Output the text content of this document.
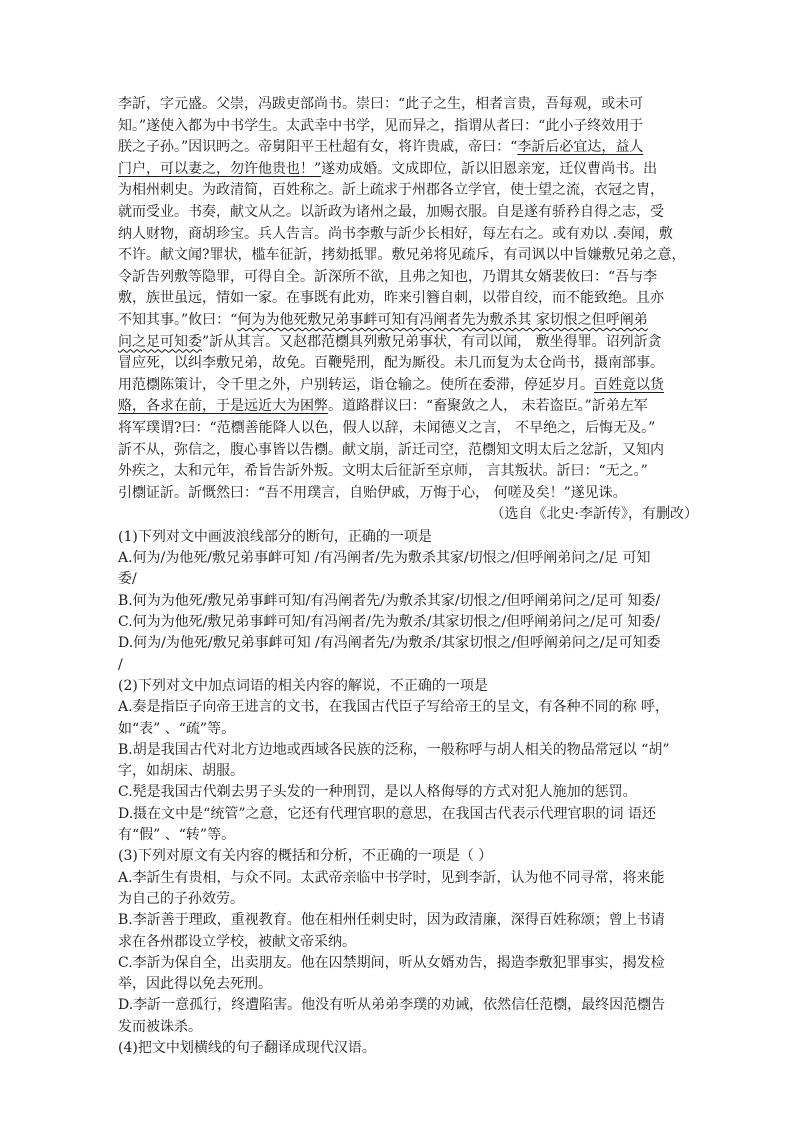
李訢，字元盛。父崇，冯跋吏部尚书。崇曰：“此子之生，相者言贵，吾每观，或未可

知。”遂使入都为中书学生。太武幸中书学，见而异之，指谓从者曰：“此小子终效用于

朕之子孙。”因识眄之。帝舅阳平王杜超有女，将许贵戚，帝曰：“李訢后必宜达，益人

门户，可以妻之，勿许他贵也！”遂劝成婚。文成即位，訢以旧恩亲宠，迁仪曹尚书。出

为相州刺史。为政清简，百姓称之。訢上疏求于州郡各立学官，使士望之流，衣冠之胄，

就而受业。书奏，献文从之。以訢政为诸州之最，加赐衣服。自是遂有骄矜自得之志，受

纳人财物，商胡珍宝。兵人告言。尚书李敷与訢少长相好，每左右之。或有劝以 .奏闻，敷

不许。献文闻?罪状，槛车征訢，拷劾抵罪。敷兄弟将见疏斥，有司讽以中旨嫌敷兄弟之意，

令訢告列敷等隐罪，可得自全。訢深所不欲，且弗之知也，乃谓其女婿裴攸曰：“吾与李

敷，族世虽远，情如一家。在事既有此劝，昨来引簪自刺，以带自绞，而不能致绝。且亦

不知其事。”攸曰：“何为为他死敷兄弟事衅可知有冯阐者先为敷杀其 家切恨之但呼阐弟

问之足可知委”訢从其言。又赵郡范檦具列敷兄弟事状，有司以闻， 敷坐得罪。诏列訢贪

冒应死，以纠李敷兄弟，故免。百鞭髡刑，配为厮役。未几而复为太仓尚书，摄南部事。

用范檦陈策计，令千里之外，户别转运，诣仓输之。使所在委滞，停延岁月。百姓竟以货

赂，各求在前，于是远近大为困弊。道路群议曰：“畜聚敛之人， 未若盗臣。”訢弟左军

将军璞谓?曰：“范檦善能降人以色，假人以辞，未闻德义之言， 不早绝之，后悔无及。”

訢不从，弥信之，腹心事皆以告檦。献文崩，訢迁司空，范檦知文明太后之忿訢，又知内

外疾之，太和元年，希旨告訢外叛。文明太后征訢至京师， 言其叛状。訢曰：“无之。”

引檦证訢。訢慨然曰：“吾不用璞言，自贻伊戚，万悔于心， 何嗟及矣！”遂见诛。

（选自《北史·李訢传》，有删改）

(1)下列对文中画波浪线部分的断句，正确的一项是

A.何为/为他死/敷兄弟事衅可知 /有冯阐者/先为敷杀其家/切恨之/但呼阐弟问之/足 可知

委/

B.何为为他死/敷兄弟事衅可知/有冯阐者先/为敷杀其家/切恨之/但呼阐弟问之/足可 知委/

C.何为为他死/敷兄弟事衅可知/有冯阐者/先为敷杀/其家切恨之/但呼阐弟问之/足可 知委/

D.何为/为他死/敷兄弟事衅可知 /有冯阐者先/为敷杀/其家切恨之/但呼阐弟问之/足可知委

/

(2)下列对文中加点词语的相关内容的解说，不正确的一项是

A.奏是指臣子向帝王进言的文书，在我国古代臣子写给帝王的呈文，有各种不同的称 呼，

如“表” 、“疏”等。

B.胡是我国古代对北方边地或西域各民族的泛称，一般称呼与胡人相关的物品常冠以 “胡”

字，如胡床、胡服。

C.髡是我国古代剃去男子头发的一种刑罚，是以人格侮辱的方式对犯人施加的惩罚。

D.摄在文中是“统管”之意，它还有代理官职的意思，在我国古代表示代理官职的词 语还

有“假” 、“转”等。

(3)下列对原文有关内容的概括和分析，不正确的一项是（ ）

A.李訢生有贵相，与众不同。太武帝亲临中书学时，见到李訢，认为他不同寻常，将来能

为自己的子孙效劳。

B.李訢善于理政，重视教育。他在相州任刺史时，因为政清廉，深得百姓称颂；曾上书请

求在各州郡设立学校，被献文帝采纳。

C.李訢为保自全，出卖朋友。他在囚禁期间，听从女婿劝告，揭造李敷犯罪事实，揭发检

举，因此得以免去死刑。

D.李訢一意孤行，终遭陷害。他没有听从弟弟李璞的劝诫，依然信任范檦，最终因范檦告

发而被诛杀。

(4)把文中划横线的句子翻译成现代汉语。
